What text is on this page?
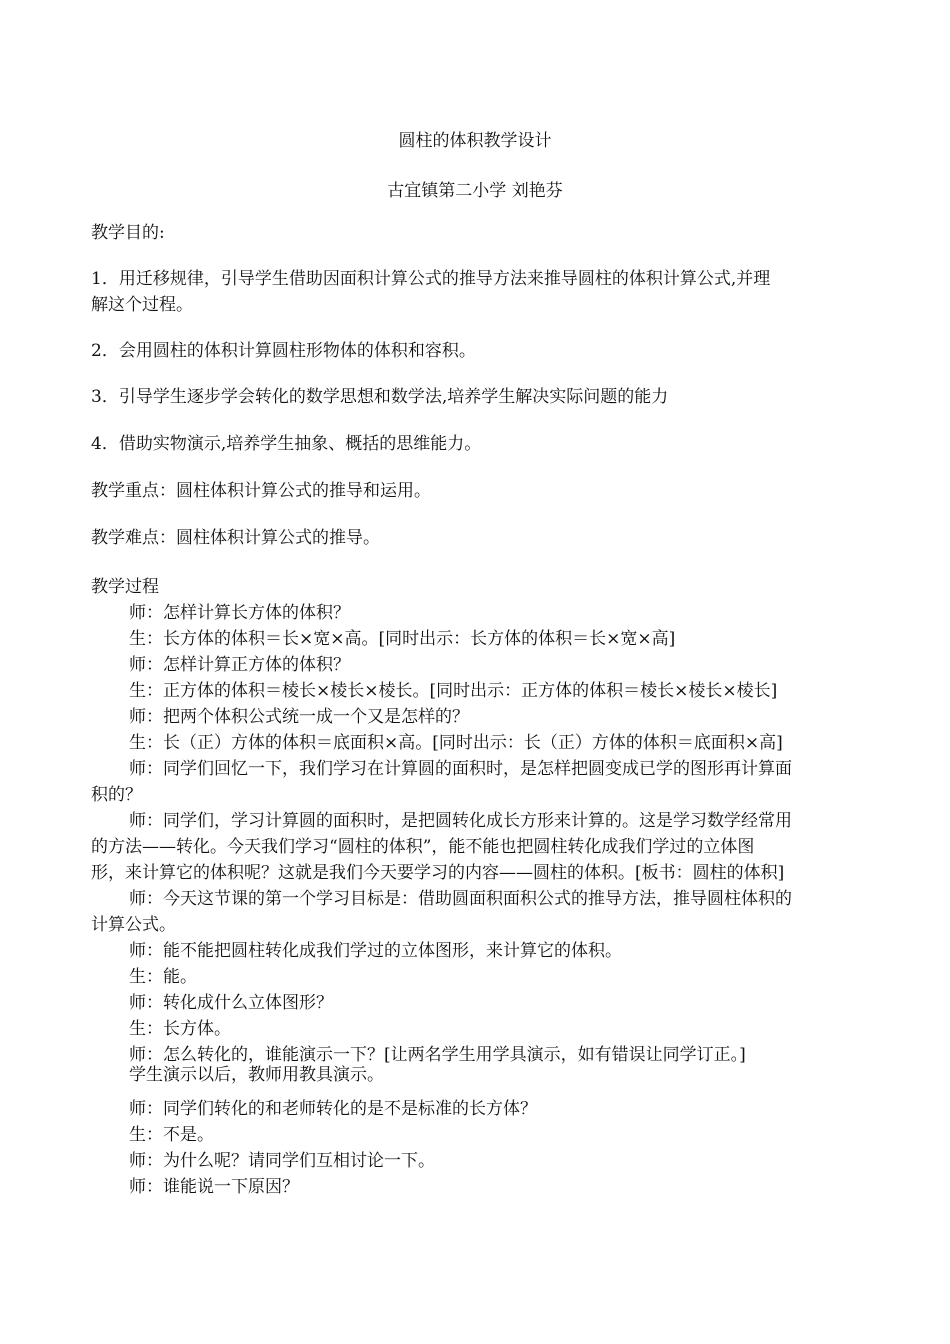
圆柱的体积教学设计
古宜镇第二小学 刘艳芬
教学目的:
1．用迁移规律，引导学生借助因面积计算公式的推导方法来推导圆柱的体积计算公式,并理
解这个过程。
2．会用圆柱的体积计算圆柱形物体的体积和容积。
3．引导学生逐步学会转化的数学思想和数学法,培养学生解决实际问题的能力
4．借助实物演示,培养学生抽象、概括的思维能力。
教学重点：圆柱体积计算公式的推导和运用。
教学难点：圆柱体积计算公式的推导。
教学过程
师：怎样计算长方体的体积？
生：长方体的体积＝长×宽×高。[同时出示：长方体的体积＝长×宽×高]
师：怎样计算正方体的体积？
生：正方体的体积＝棱长×棱长×棱长。[同时出示：正方体的体积＝棱长×棱长×棱长]
师：把两个体积公式统一成一个又是怎样的？
生：长（正）方体的体积＝底面积×高。[同时出示：长（正）方体的体积＝底面积×高]
师：同学们回忆一下，我们学习在计算圆的面积时，是怎样把圆变成已学的图形再计算面
积的？
师：同学们，学习计算圆的面积时，是把圆转化成长方形来计算的。这是学习数学经常用
的方法——转化。今天我们学习“圆柱的体积”，能不能也把圆柱转化成我们学过的立体图
形，来计算它的体积呢？这就是我们今天要学习的内容——圆柱的体积。[板书：圆柱的体积]
师：今天这节课的第一个学习目标是：借助圆面积面积公式的推导方法，推导圆柱体积的
计算公式。
师：能不能把圆柱转化成我们学过的立体图形，来计算它的体积。
生：能。
师：转化成什么立体图形？
生：长方体。
师：怎么转化的，谁能演示一下？[让两名学生用学具演示，如有错误让同学订正。]
学生演示以后，教师用教具演示。
师：同学们转化的和老师转化的是不是标准的长方体？
生：不是。
师：为什么呢？请同学们互相讨论一下。
师：谁能说一下原因？
